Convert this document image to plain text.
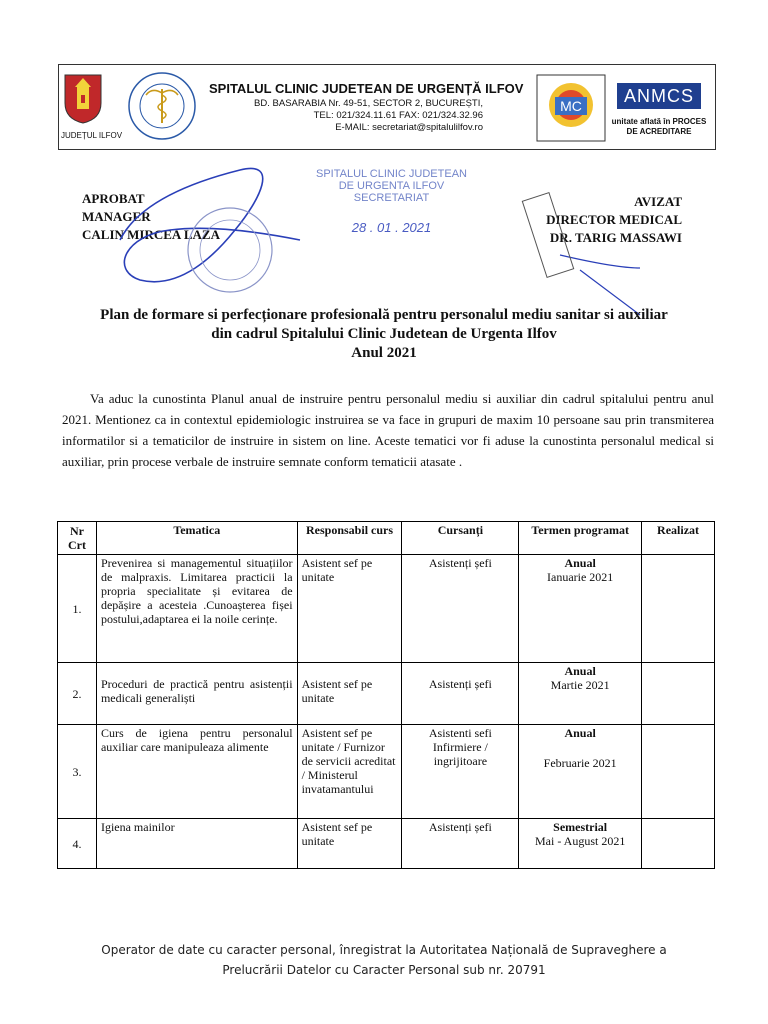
JUDEȚUL ILFOV
SPITALUL CLINIC JUDETEAN DE URGENȚĂ ILFOV
BD. BASARABIA Nr. 49-51, SECTOR 2, BUCUREȘTI,
TEL: 021/324.11.61 FAX: 021/324.32.96
E-MAIL: secretariat@spitalulilfov.ro
MC	ANMCS
unitate aflată în PROCES DE ACREDITARE
APROBAT
MANAGER
CALIN MIRCEA LAZA
AVIZAT
DIRECTOR MEDICAL
DR. TARIG MASSAWI
SPITALUL CLINIC JUDETEAN
DE URGENTA ILFOV
SECRETARIAT
28 . 01 . 2021
Plan de formare si perfecționare profesională pentru personalul mediu sanitar si auxiliar
din cadrul Spitalului Clinic Judetean de Urgenta Ilfov
Anul 2021
Va aduc la cunostinta Planul anual de instruire pentru personalul mediu si auxiliar din cadrul spitalului pentru anul 2021. Mentionez ca in contextul epidemiologic instruirea se va face in grupuri de maxim 10 persoane sau prin transmiterea informatilor si a tematicilor de instruire in sistem on line. Aceste tematici vor fi aduse la cunostinta personalul medical si auxiliar, prin procese verbale de instruire semnate conform tematicii atasate .
Nr Crt	Tematica	Responsabil curs	Cursanți	Termen programat	Realizat
1.	Prevenirea si managementul situațiilor de malpraxis. Limitarea practicii la propria specialitate și evitarea de depășire a acesteia .Cunoașterea fișei postului,adaptarea ei la noile cerințe.	Asistent sef pe unitate	Asistenți șefi	Anual
Ianuarie 2021	

2.	Proceduri de practică pentru asistenții medicali generaliști	Asistent sef pe unitate	Asistenți șefi	Anual
Martie 2021	

3.	Curs de igiena pentru personalul auxiliar care manipuleaza alimente	Asistent sef pe unitate / Furnizor de servicii acreditat / Ministerul invatamantului	Asistenti sefi Infirmiere / ingrijitoare	Anual
Februarie 2021	

4.	Igiena mainilor	Asistent sef pe unitate	Asistenți șefi	Semestrial
Mai - August 2021	

Operator de date cu caracter personal, înregistrat la Autoritatea Națională de Supraveghere a
Prelucrării Datelor cu Caracter Personal sub nr. 20791
